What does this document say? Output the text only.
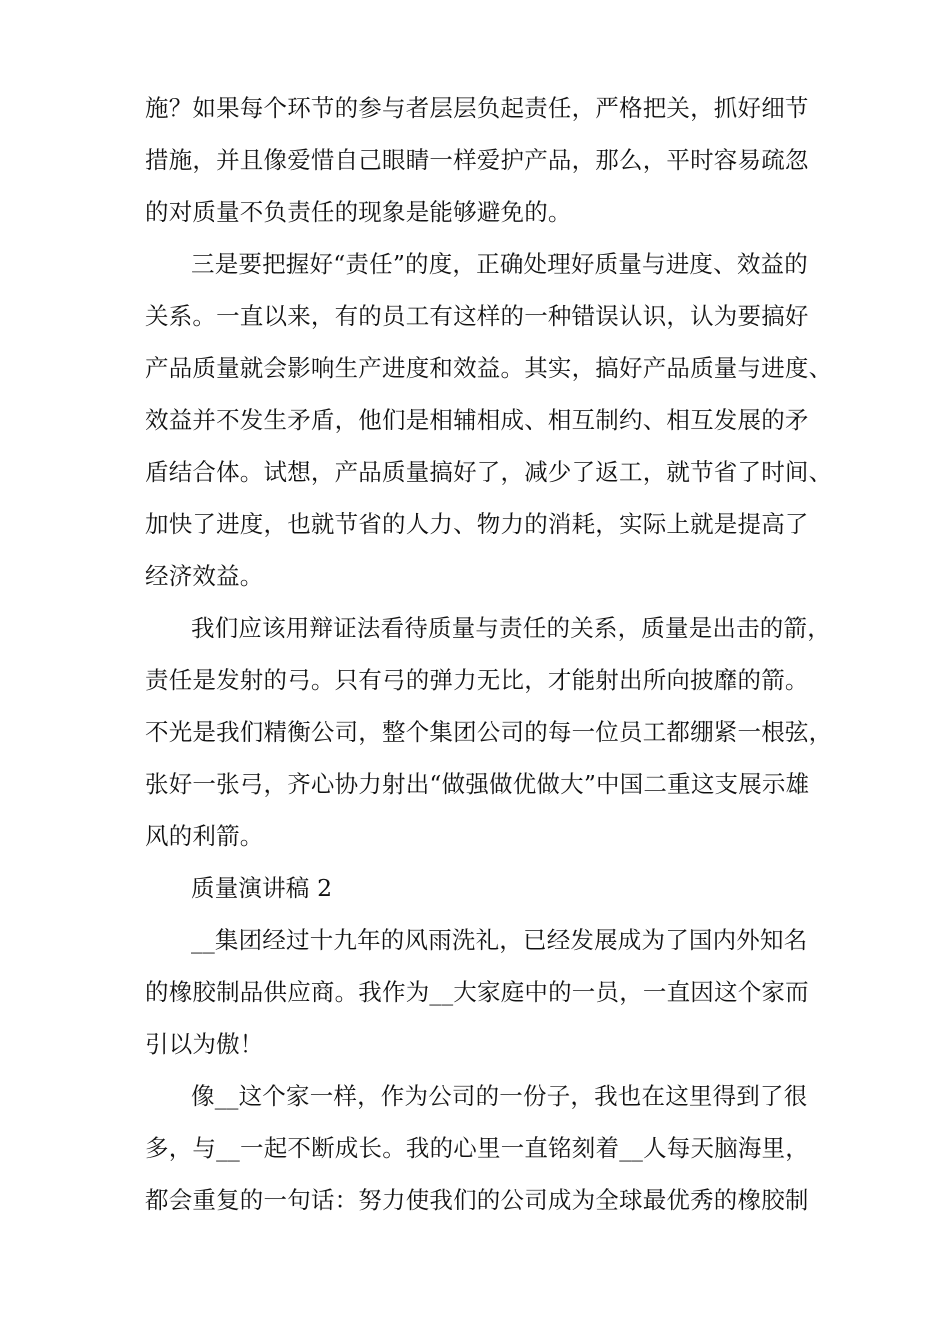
施？如果每个环节的参与者层层负起责任，严格把关，抓好细节
措施，并且像爱惜自己眼睛一样爱护产品，那么，平时容易疏忽
的对质量不负责任的现象是能够避免的。
三是要把握好“责任”的度，正确处理好质量与进度、效益的
关系。一直以来，有的员工有这样的一种错误认识，认为要搞好
产品质量就会影响生产进度和效益。其实，搞好产品质量与进度、
效益并不发生矛盾，他们是相辅相成、相互制约、相互发展的矛
盾结合体。试想，产品质量搞好了，减少了返工，就节省了时间、
加快了进度，也就节省的人力、物力的消耗，实际上就是提高了
经济效益。
我们应该用辩证法看待质量与责任的关系，质量是出击的箭，
责任是发射的弓。只有弓的弹力无比，才能射出所向披靡的箭。
不光是我们精衡公司，整个集团公司的每一位员工都绷紧一根弦，
张好一张弓，齐心协力射出“做强做优做大”中国二重这支展示雄
风的利箭。
质量演讲稿 2
__集团经过十九年的风雨洗礼，已经发展成为了国内外知名
的橡胶制品供应商。我作为__大家庭中的一员，一直因这个家而
引以为傲！
像__这个家一样，作为公司的一份子，我也在这里得到了很
多，与__一起不断成长。我的心里一直铭刻着__人每天脑海里，
都会重复的一句话：努力使我们的公司成为全球最优秀的橡胶制
